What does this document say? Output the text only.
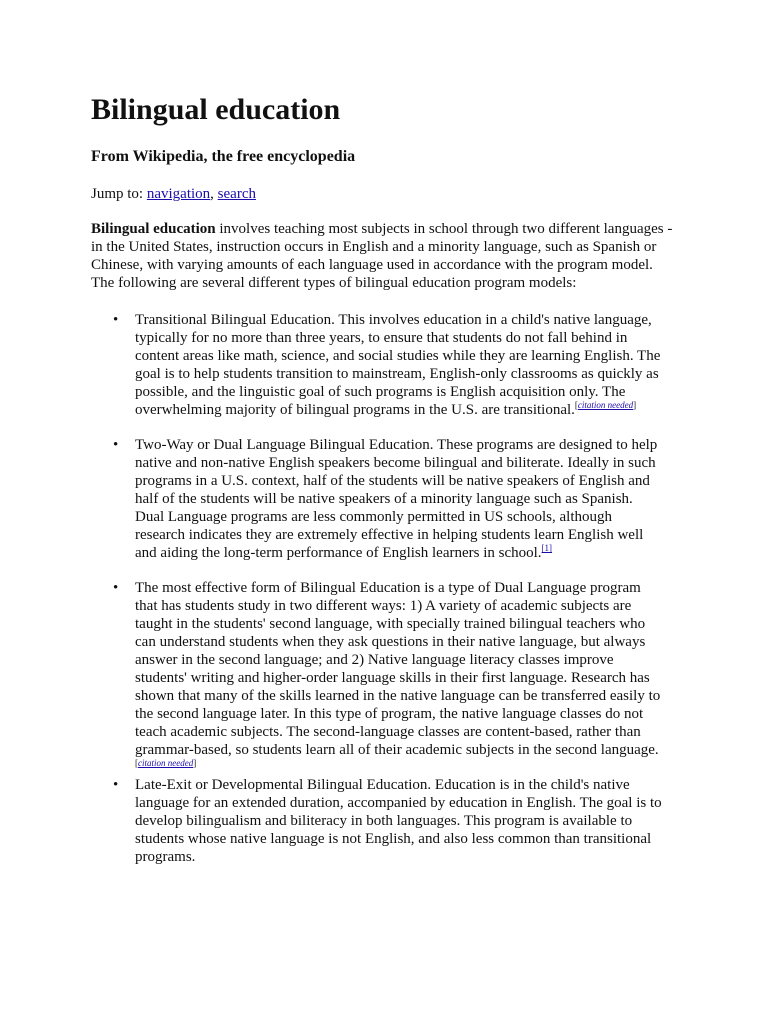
Bilingual education
From Wikipedia, the free encyclopedia
Jump to: navigation, search

Bilingual education involves teaching most subjects in school through two different languages - in the United States, instruction occurs in English and a minority language, such as Spanish or Chinese, with varying amounts of each language used in accordance with the program model. The following are several different types of bilingual education program models:

• Transitional Bilingual Education. This involves education in a child's native language, typically for no more than three years, to ensure that students do not fall behind in content areas like math, science, and social studies while they are learning English. The goal is to help students transition to mainstream, English-only classrooms as quickly as possible, and the linguistic goal of such programs is English acquisition only. The overwhelming majority of bilingual programs in the U.S. are transitional.[citation needed]
• Two-Way or Dual Language Bilingual Education. These programs are designed to help native and non-native English speakers become bilingual and biliterate. Ideally in such programs in a U.S. context, half of the students will be native speakers of English and half of the students will be native speakers of a minority language such as Spanish. Dual Language programs are less commonly permitted in US schools, although research indicates they are extremely effective in helping students learn English well and aiding the long-term performance of English learners in school.[1]
• The most effective form of Bilingual Education is a type of Dual Language program that has students study in two different ways: 1) A variety of academic subjects are taught in the students' second language, with specially trained bilingual teachers who can understand students when they ask questions in their native language, but always answer in the second language; and 2) Native language literacy classes improve students' writing and higher-order language skills in their first language. Research has shown that many of the skills learned in the native language can be transferred easily to the second language later. In this type of program, the native language classes do not teach academic subjects. The second-language classes are content-based, rather than grammar-based, so students learn all of their academic subjects in the second language.[citation needed]
• Late-Exit or Developmental Bilingual Education. Education is in the child's native language for an extended duration, accompanied by education in English. The goal is to develop bilingualism and biliteracy in both languages. This program is available to students whose native language is not English, and also less common than transitional programs.
